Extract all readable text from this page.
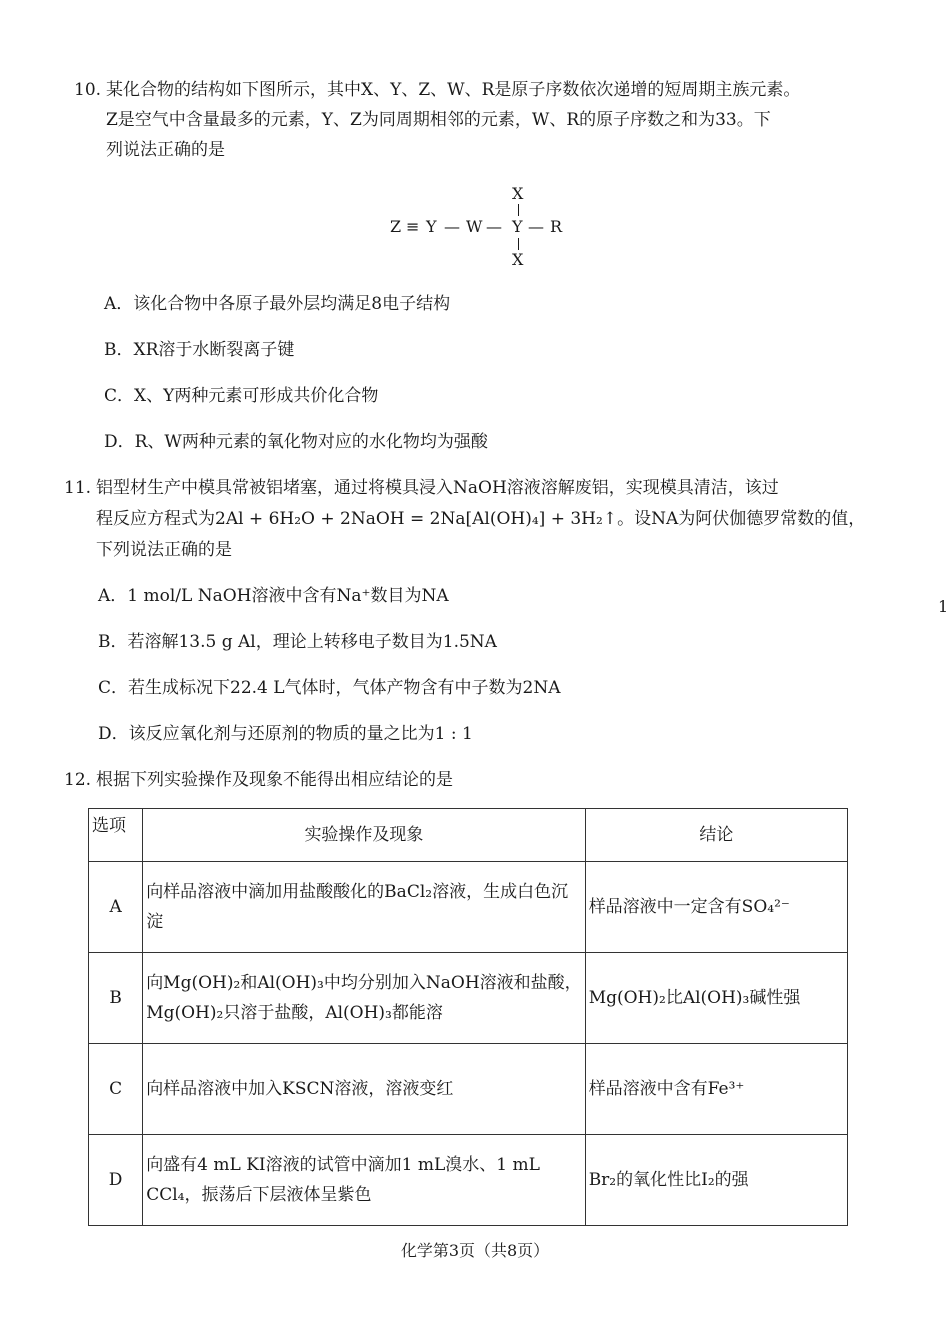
10. 某化合物的结构如下图所示，其中X、Y、Z、W、R是原子序数依次递增的短周期主族元素。
Z是空气中含量最多的元素，Y、Z为同周期相邻的元素，W、R的原子序数之和为33。下
列说法正确的是
X
Z ≡ Y — W — Y — R
X
A．该化合物中各原子最外层均满足8电子结构
B．XR溶于水断裂离子键
C．X、Y两种元素可形成共价化合物
D．R、W两种元素的氧化物对应的水化物均为强酸
11. 铝型材生产中模具常被铝堵塞，通过将模具浸入NaOH溶液溶解废铝，实现模具清洁，该过
程反应方程式为2Al + 6H₂O + 2NaOH = 2Na[Al(OH)₄] + 3H₂↑。设NA为阿伏伽德罗常数的值，
下列说法正确的是
A．1 mol/L NaOH溶液中含有Na⁺数目为NA
B．若溶解13.5 g Al，理论上转移电子数目为1.5NA
C．若生成标况下22.4 L气体时，气体产物含有中子数为2NA
D．该反应氧化剂与还原剂的物质的量之比为1 : 1
12. 根据下列实验操作及现象不能得出相应结论的是
选项	实验操作及现象	结论
A	向样品溶液中滴加用盐酸酸化的BaCl₂溶液，生成白色沉淀	样品溶液中一定含有SO₄²⁻
B	向Mg(OH)₂和Al(OH)₃中均分别加入NaOH溶液和盐酸，Mg(OH)₂只溶于盐酸，Al(OH)₃都能溶	Mg(OH)₂比Al(OH)₃碱性强
C	向样品溶液中加入KSCN溶液，溶液变红	样品溶液中含有Fe³⁺
D	向盛有4 mL KI溶液的试管中滴加1 mL溴水、1 mL CCl₄，振荡后下层液体呈紫色	Br₂的氧化性比I₂的强
化学第3页（共8页）
1
